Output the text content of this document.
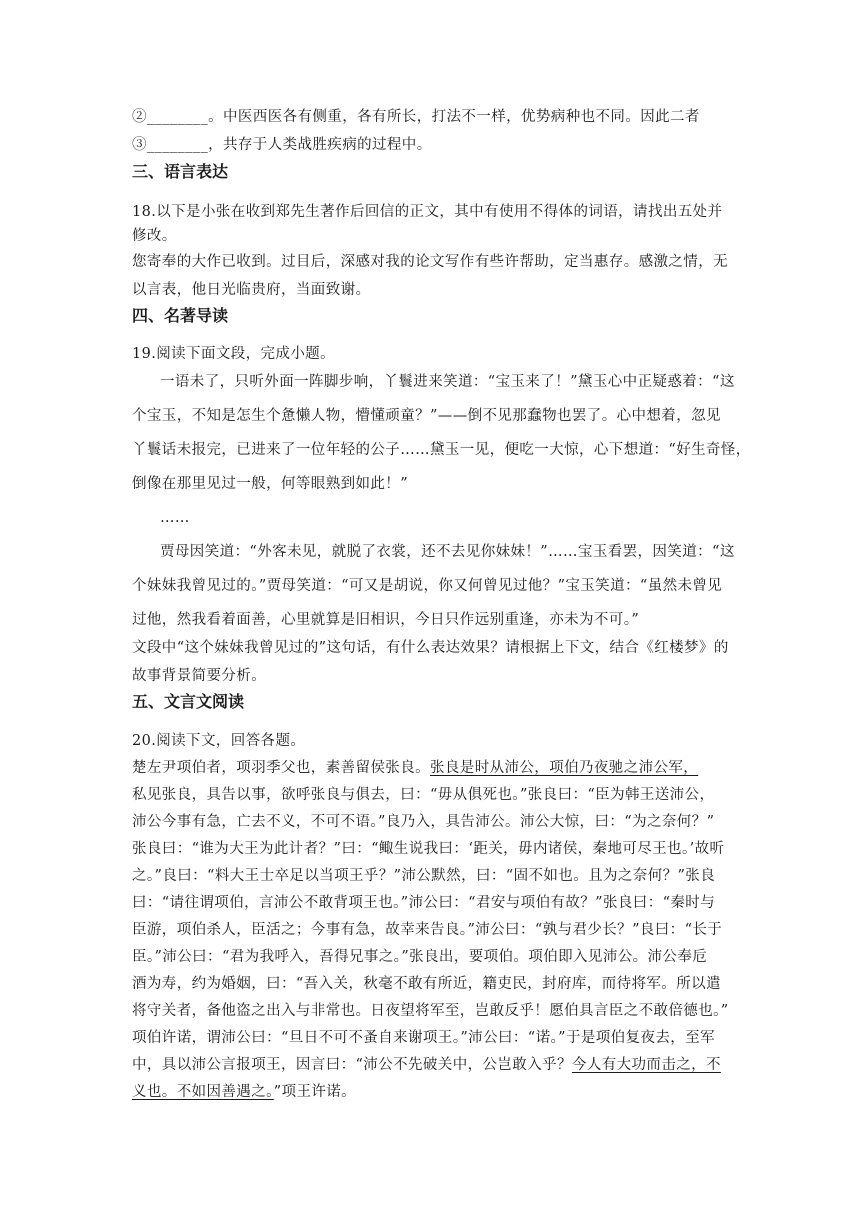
②________。中医西医各有侧重，各有所长，打法不一样，优势病种也不同。因此二者
③________，共存于人类战胜疾病的过程中。
三、语言表达
18.以下是小张在收到郑先生著作后回信的正文，其中有使用不得体的词语，请找出五处并
修改。
您寄奉的大作已收到。过目后，深感对我的论文写作有些许帮助，定当惠存。感激之情，无
以言表，他日光临贵府，当面致谢。
四、名著导读
19.阅读下面文段，完成小题。
一语未了，只听外面一阵脚步响，丫鬟进来笑道：“宝玉来了！”黛玉心中正疑惑着：“这
个宝玉，不知是怎生个惫懒人物，懵懂顽童？”——倒不见那蠢物也罢了。心中想着，忽见
丫鬟话未报完，已进来了一位年轻的公子……黛玉一见，便吃一大惊，心下想道：“好生奇怪，
倒像在那里见过一般，何等眼熟到如此！”
……
贾母因笑道：“外客未见，就脱了衣裳，还不去见你妹妹！”……宝玉看罢，因笑道：“这
个妹妹我曾见过的。”贾母笑道：“可又是胡说，你又何曾见过他？”宝玉笑道：“虽然未曾见
过他，然我看着面善，心里就算是旧相识，今日只作远别重逢，亦未为不可。”
文段中“这个妹妹我曾见过的”这句话，有什么表达效果？请根据上下文，结合《红楼梦》的
故事背景简要分析。
五、文言文阅读
20.阅读下文，回答各题。
楚左尹项伯者，项羽季父也，素善留侯张良。张良是时从沛公，项伯乃夜驰之沛公军，
私见张良，具告以事，欲呼张良与俱去，曰：“毋从俱死也。”张良曰：“臣为韩王送沛公，
沛公今事有急，亡去不义，不可不语。”良乃入，具告沛公。沛公大惊，曰：“为之奈何？”
张良曰：“谁为大王为此计者？”曰：“鲰生说我曰：‘距关，毋内诸侯，秦地可尽王也。’故听
之。”良曰：“料大王士卒足以当项王乎？”沛公默然，曰：“固不如也。且为之奈何？”张良
曰：“请往谓项伯，言沛公不敢背项王也。”沛公曰：“君安与项伯有故？”张良曰：“秦时与
臣游，项伯杀人，臣活之；今事有急，故幸来告良。”沛公曰：“孰与君少长？”良曰：“长于
臣。”沛公曰：“君为我呼入，吾得兄事之。”张良出，要项伯。项伯即入见沛公。沛公奉卮
酒为寿，约为婚姻，曰：“吾入关，秋毫不敢有所近，籍吏民，封府库，而待将军。所以遣
将守关者，备他盗之出入与非常也。日夜望将军至，岂敢反乎！愿伯具言臣之不敢倍德也。”
项伯许诺，谓沛公曰：“旦日不可不蚤自来谢项王。”沛公曰：“诺。”于是项伯复夜去，至军
中，具以沛公言报项王，因言曰：“沛公不先破关中，公岂敢入乎？今人有大功而击之，不
义也。不如因善遇之。”项王许诺。
